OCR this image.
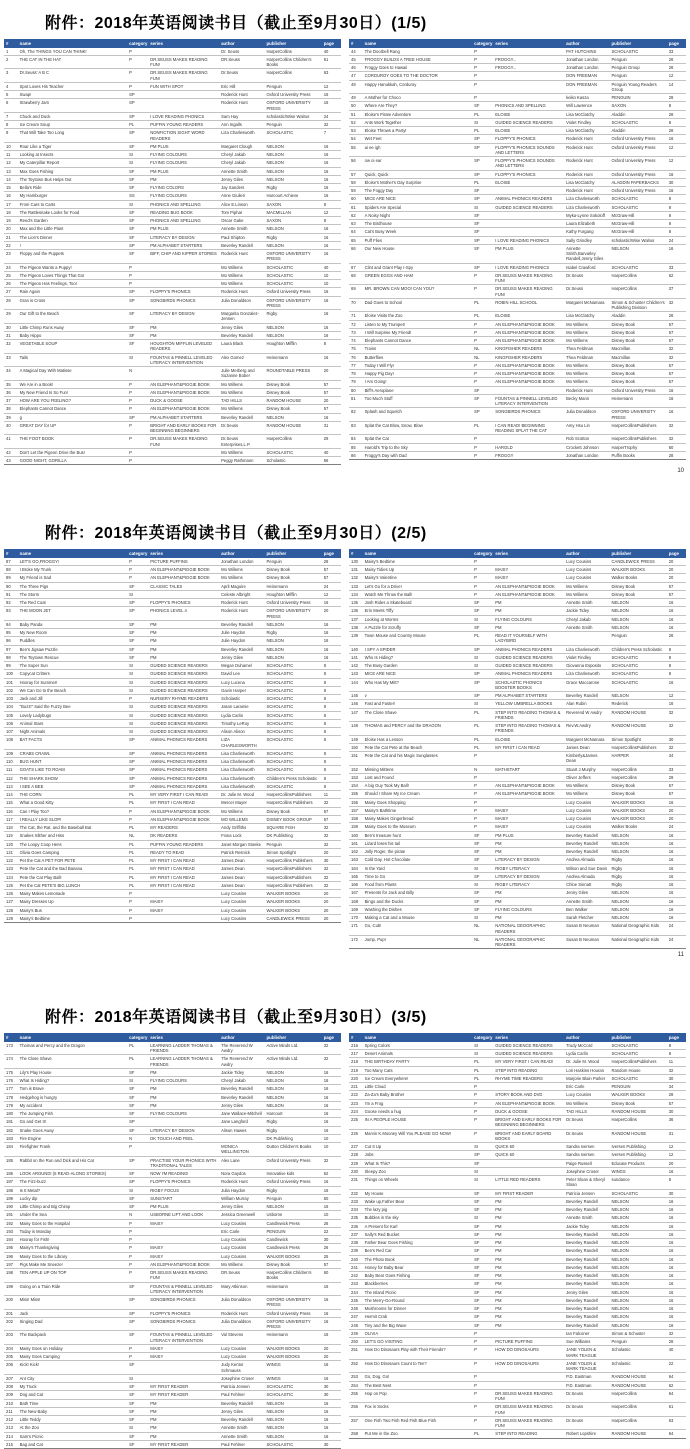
附件：2018年英语阅读书目（截止至9月30日）(1/5)
#	name	category	series	author	publisher	page
1	Oh, The THINGS YOU CAN THINK!	P		Dr. Seuss	HarperCollins	40
2	THE CAT IN THE HAT	P	DR.SEUSS MAKES READING FUN!	DR.Seuss	HarperCollins Children's Books	61
3	Dr.Seuss' A B C	P	DR.SEUSS MAKES READING FUN!	Dr.Seuss	HarperCollins	63
4	Spot Loves His Teacher	P	FUN WITH SPOT	Eric Hill	Penguin	12
5	Swap!	SP		Roderick Hunt	Oxford University Press	16
6	Strawberry Jam	SP		Roderick Hunt	OXFORD UNIVERSITY PRESS	16
7	Chuck and Duck	SP	I LOVE READING PHONICS	Sam Hay	scholastic/Wise Walrus	24
8	Ice Cream Soup	PL	PUFFIN YOUNG READERS	Ann Ingalls	Penguin	32
9	That Will Take Too Long	SP	NONFICTION SIGHT WORD READERS	Liza Charlesworth	SCHOLASTIC	7
10	Roar Like a Tiger	SF	PM PLUS	Margaret Clough	NELSON	16
11	Looking at Insects	SI	FLYING COLOURS	Cheryl Jakab	NELSON	16
12	My Caterpillar Report	SI	FLYING COLOURS	Cheryl Jakab	NELSON	16
13	Max Goes Fishing	SF	PM PLUS	Annette Smith	NELSON	16
14	The Toytown Bus Helps Out	SF	PM	Jenny Giles	NELSON	16
15	Bella's Ride	SF	FLYING COLORS	Jay Sanders	Rigby	16
16	My Hamburger	SS	FLYING COLOURS	Anne Giulieri	Harcourt Achieve	16
17	From Cars to Carts	SI	PHONICS AND SPELLING	Alice E.Linson	SAXON	8
18	The Rattlesnake Looks for Food	SF	READING BUG BOOK	Tom Piphar	MACMILLAN	12
19	Reed's Garden	SF	PHONICS AND SPELLING	Oscar Gake	SAXON	8
20	Max and the Little Plant	SF	PM PLUS	Annette Smith	NELSON	16
21	The Lion's Dinner	SF	LITERACY BY DESIGN	Paul Shipton	Rigby	16
22	!	SP	PM ALPHABET STARTERS	Beverley Randell	NELSON	16
23	Floppy and the Puppets	SF	BIFF, CHIP AND KIPPER STORIES	Roderick Hunt	OXFORD UNIVERSITY PRESS	16
24	The Pigeon Wants a Puppy!	P		Mo Willems	SCHOLASTIC	40
25	The Pigeon Loves Things That Go!	P		Mo Willems	SCHOLASTIC	10
26	The Pigeon Has Feelings, Too!	P		Mo Willems	SCHOLASTIC	10
27	Rain Again	SP	FLOPPY'S PHONICS	Roderick Hunt	Oxford University Press	16
28	Gran is Cross	SP	SONGBIRDS PHONICS	Julia Donaldson	OXFORD UNIVERSITY PRESS	16
29	Our Gift to the Beach	SF	LITERACY BY DESIGN	Margarita Gonzalez-Jensen	Rigby	16
30	Little Chimp Runs Away	SF	PM	Jenny Giles	NELSON	16
31	Baby Hippo	SF	PM	Beverley Randell	NELSON	16
32	VEGETABLE SOUP	SF	HOUGHTON MIFFLIN LEVELED READERS	Laura Black	Houghton Mifflin	8
33	Tails	SI	FOUNTAS & PINNELL LEVELED LITERACY INTERVENTION	Alex Gomez	Heinemann	16
34	A Magical Day With Matisse	N		Julie Merberg and Suzanne Bober	ROUNDTABLE PRESS	20
35	We Are in a Book!	P	AN ELEPHANT&PIGGIE BOOK	Mo Willems	Disney Book	57
36	My New Friend Is So Fun!	P	AN ELEPHANT&PIGGIE BOOK	Mo Willems	Disney Book	57
37	HOW ARE YOU FEELING?	P	DUCK & GOOSE	TAD HILLS	RANDOM HOUSE	20
38	Elephants Cannot Dance	P	AN ELEPHANT&PIGGIE BOOK	Mo Willems	Disney Book	57
39	g	SP	PM ALPHABET STARTERS	Beverley Randell	NELSON	16
40	GREAT DAY for UP	P	BRIGHT AND EARLY BOOKS FOR BEGINNING BEGINNERS	Dr.Seuss	RANDOM HOUSE	31
41	THE FOOT BOOK	P	DR.SEUSS MAKES READING FUN!	Dr.Seuss Enterprises,L.P.	HarperCollins	29
42	Don't Let the Pigeon Drive the Bus!	P		Mo Willems	SCHOLASTIC	40
43	GOOD NIGHT, GORILLA	P		Peggy Rathmann	Scholastic	56
#	name	category	series	author	publisher	page
44	The Doorbell Rang	P		PAT HUTCHINS	SCHOLASTIC	33
45	FROGGY BUILDS A TREE HOUSE	P	FROGGY...	Jonathan London	Penguin	28
46	Froggy Goes to Hawaii	P	FROGGY...	Jonathan London	Penguin Group	28
47	CORDUROY GOES TO THE DOCTOR	P		DON FREEMAN	Penguin	12
48	Happy Hanukkah, Corduroy	P		DON FREEMAN	Penguin Young Readers Group	14
49	A Mother for Choco	P		keiko Kasza	PENGUIN	28
50	Where Are They?	SF	PHONICS AND SPELLING	Will Lawrence	SAXON	8
51	Eloise's Pirate Adventure	PL	ELOISE	Lisa McClatchy	Aladdin	28
52	Ants Work Together	SI	GUIDED SCIENCE READERS	Violet Findley	SCHOLASTIC	8
53	Eloise Throws a Party!	PL	ELOISE	Lisa McClatchy	Aladdin	28
54	Wet Feet	SP	FLOPPY'S PHONICS	Roderick Hunt	Oxford University Press	16
55	ai ee igh	SP	FLOPPY'S PHONICS SOUNDS AND LETTERS	Roderick Hunt	Oxford University Press	12
56	ow oi ear	SP	FLOPPY'S PHONICS SOUNDS AND LETTERS	Roderick Hunt	Oxford University Press	12
57	Quick, Quick	SP	FLOPPY'S PHONICS	Roderick Hunt	Oxford University Press	16
58	Eloise's Mother's Day Surprise	PL	ELOISE	Lisa McClatchy	ALADDIN PAPERBACKS	30
59	The Foggy Day	SF		Roderick Hunt	Oxford University Press	16
60	MICE ARE NICE	SP	ANIMAL PHONICS READERS	Liza Charlesworth	SCHOLASTIC	8
61	Spiders Are Special	SI	GUIDED SCIENCE READERS	Liza Charlesworth	SCHOLASTIC	8
62	A Noisy Night	SF		Myka-Lynne Sokoloff	McGraw-Hill	8
63	The Birdhouse	SF		Laura Elizabeth	McGraw-Hill	8
64	Cat's Busy Week	SF		Kathy Furgang	McGraw-Hill	8
65	Puff Flies	SP	I LOVE READING PHONICS	Sally Grindley	scholastic/Wise Walrus	24
66	Our New House	SF	PM PLUS	Annette Smith,Barvarley Randell,Jenny Giles	NELSON	16
67	Clint and Grant Play I-Spy	SP	I LOVE READING PHONICS	Isabel Crawford	SCHOLASTIC	33
68	GREEN EGGS AND HAM	P	DR.SEUSS MAKES READING FUN!	Dr.Seuss	HarperCollins	62
69	MR. BROWN CAN MOO! CAN YOU?	P	DR.SEUSS MAKES READING FUN!	Dr.Seuss	HarperCollins	37
70	Dad Goes to School	PL	ROBIN HILL SCHOOL	Margaret McNamara	Simon & Schuster Children's Publishing Division	32
71	Eloise Visits the Zoo	PL	ELOISE	Lisa McClatchy	Aladdin	28
72	Listen to My Trumpet!	P	AN ELEPHANT&PIGGIE BOOK	Mo Willems	Disney Book	57
73	I Will Surprise My Friend!	P	AN ELEPHANT&PIGGIE BOOK	Mo Willems	Disney Book	57
74	Elephants Cannot Dance	P	AN ELEPHANT&PIGGIE BOOK	Mo Willems	Disney Book	57
75	Trains	NL	KINGFISHER READERS	Thea Feldman	Macmillan	32
76	Butterflies	NL	KINGFISHER READERS	Thea Feldman	Macmillan	32
77	Today I Will Fly!	P	AN ELEPHANT&PIGGIE BOOK	Mo Willems	Disney Book	57
78	Happy Pig Day!	P	AN ELEPHANT&PIGGIE BOOK	Mo Willems	Disney Book	57
79	I Am Going!	P	AN ELEPHANT&PIGGIE BOOK	Mo Willems	Disney Book	57
80	Biff's Aeroplane	SF		Roderick Hunt	Oxford University Press	16
81	Too Much Stuff	SF	FOUNTAS & PINNELL LEVELED LITERACY INTERVENTION	Becky Mann	Heinemann	16
82	Splash and Squelch	SP	SONGBIRDS PHONICS	Julia Donaldson	OXFORD UNIVERSITY PRESS	16
83	Splat the Cat Blow, Snow, Blow	PL	I CAN READ! BEGINNING READING SPLAT THE CAT	Amy Hsu Lin	HarperCollinsPublishers	32
84	Splat the Cat	P		Rob Scotton	HarperCollinsPublishers	32
85	Harold's Trip to the Sky	P	HAROLD	Crockett Johnson	HarperTrophy	60
86	Froggy's Day with Dad	P	FROGGY	Jonathan London	Puffin Books	28
10
附件：2018年英语阅读书目（截止至9月30日）(2/5)
#	name	category	series	author	publisher	page
87	LET'S GO,FROGGY!	P	PICTURE PUFFINS	Jonathan London	Penguin	28
88	I Broke My Trunk	P	AN ELEPHANT&PIGGIE BOOK	Mo Willems	Disney Book	57
89	My Friend is Sad	P	AN ELEPHANT&PIGGIE BOOK	Mo Willems	Disney Book	57
90	The Three Pigs	SF	CLASSIC TALES	April Maguire	Heinemann	24
91	The Storm	SI		Celeste Albright	Houghton Mifflin	12
92	The Red Coat	SP	FLOPPY'S PHONICS	Roderick Hunt	Oxford University Press	16
93	THE MOON JET	SP	PHONICS LEVEL 4	Roderick Hunt	OXFORD UNIVERSITY PRESS	20
94	Baby Panda	SF	PM	Beverley Randell	NELSON	16
95	My New Room	SF	PM	Julie Haydon	Rigby	16
96	Puddles	SF	PM	Julie Haydon	NELSON	16
97	Ben's Jigsaw Puzzle	SF	PM	Beverley Randell	NELSON	16
98	The Toytown Rescue	SF	PM	Jenny Giles	NELSON	16
99	The Super Sun	SI	GUIDED SCIENCE READERS	Megan Duhamel	SCHOLASTIC	8
100	Copycat Critters	SI	GUIDED SCIENCE READERS	David Lee	SCHOLASTIC	8
101	Hooray for Summer!	SI	GUIDED SCIENCE READERS	Lucy Lucena	SCHOLASTIC	8
102	We Can Go to the Beach	SI	GUIDED SCIENCE READERS	Gavin Harper	SCHOLASTIC	8
103	Jack and Jill	P	NURSERY RHYME READERS	Scholastic	SCHOLASTIC	8
104	"Buzz!" Said the Fuzzy Bee	SI	GUIDED SCIENCE READERS	Jason Laramie	SCHOLASTIC	8
105	Lovely Ladybugs	SI	GUIDED SCIENCE READERS	Lydia Carlin	SCHOLASTIC	8
106	Animal Stars	SI	GUIDED SCIENCE READERS	Timothy LeRoy	SCHOLASTIC	8
107	Night Animals	SI	GUIDED SCIENCE READERS	Alison Alison	SCHOLASTIC	8
108	BAT FACTS	SP	ANIMAL PHONICS READERS	LIZA CHARLESWORTH	SCHOLASTIC	8
109	CRABS CRAWL	SP	ANIMAL PHONICS READERS	Lisa Charlesworth	SCHOLASTIC	8
110	BUG HUNT	SP	ANIMAL PHONICS READERS	Lisa Charlesworth	SCHOLASTIC	8
111	GOATS LIKE TO ROAM	SP	ANIMAL PHONICS READERS	Lisa Charlesworth	SCHOLASTIC	8
112	THE SHARK SHOW	SP	ANIMAL PHONICS READERS	Lisa Charlesworth	Children's Press Scholastic	8
113	I SEE A BEE	SP	ANIMAL PHONICS READERS	Lisa Charlesworth	SCHOLASTIC	8
114	THE CORN	PL	MY VERY FIRST I CAN READ!	Dr. Julie M. Wood	HarperCollinsPublishers	11
115	What a Good Kitty	PL	MY FIRST I CAN READ	Mercer Mayer	HarperCollins Publishers	32
116	Can I Play Too?	P	AN ELEPHANT&PIGGIE BOOK	Mo Willems	Disney Book	57
117	I REALLY LIKE SLOP!	P	AN ELEPHANT&PIGGIE BOOK	MO WILLEMS	DISNEY BOOK GROUP	57
118	The Cat, the Rat, and the Baseball Bat	PL	MY READERS	Andy Griffiths	SQUARE FISH	32
119	Snakes Slither and Hiss	NL	DK READERS	Fiona Lock	DK Publishing	32
120	The Loopy Coop Hens	PL	PUFFIN YOUNG READERS	Janet Morgan Stoeke	Penguin	32
121	Olivia Goes Camping	PL	READY TO READ	Patrick Resnick	Simon Spotlight	20
122	Pet the Cat A PET FOR PETE	PL	MY FIRST I CAN READ	James Dean	HarperCollins Publishers	30
123	Pete the Cat and the Bad Banana	PL	MY FIRST I CAN READ	James Dean	HarperCollinsPublishers	32
124	Pete the Cat Play Ball!	PL	MY FIRST I CAN READ	James Dean	HarperCollinsPublishers	32
125	Pet the Cat PETE'S BIG LUNCH	PL	MY FIRST I CAN READ	James Dean	HarperCollins Publishers	32
126	Maisy Makes Lemonade	P		Lucy Cousins	WALKER BOOKS	20
127	Maisy Dresses Up	P	MAISY	Lucy Cousins	WALKER BOOKS	20
128	Maisy's Bus	P	MAISY	Lucy Cousins	WALKER BOOKS	20
129	Maisy's Bedtime	P		Lucy Cousins	CANDLEWICK PRESS	20
#	name	category	series	author	publisher	page
130	Maisy's Bedtime	P		Lucy Cousins	CANDLEWICK PRESS	20
131	Maisy Tidies Up	P	MAISY	Lucy Cousins	WALKER BOOKS	20
132	Maisy's Valentine	P	MAISY	Lucy Cousins	Walker Books	20
133	Let's Go for a Drive!	P	AN ELEPHANT&PIGGIE BOOK	Mo Willems	Disney Book	57
134	Watch Me Throw the Ball!	P	AN ELEPHANT&PIGGIE BOOK	Mo Willems	Disney Book	57
135	Josh Rides a Skateboard	SF	PM	Annette Smith	NELSON	16
136	Erin Meets Tiffy	SF	PM	Jackie Tidey	NELSON	16
137	Looking at Worms	SI	FLYING COLOURS	Cheryl Jakab	NELSON	16
138	A Puzzle for Scruffy	SF	PM	Annette Smith	NELSON	16
139	Town Mouse and Country Mouse	PL	READ IT YOURSELF WITH LADYBIRD		Penguin	28
140	I SPY A SPIDER	SP	ANIMAL PHONICS READERS	Liza Charlesworth	Children's Press Scholastic	8
141	Who Is Hiding?	SI	GUIDED SCIENCE READERS	Violet Findley	SCHOLASTIC	8
142	The Busy Garden	SI	GUIDED SCIENCE READERS	Giovanna Esposito	SCHOLASTIC	8
143	MICE ARE NICE	SP	ANIMAL PHONICS READERS	Liza Charlesworth	SCHOLASTIC	8
144	Who Has My Mitt?	SP	SCHOLASTIC PHONICS BOOSTER BOOKS	Grace Maccarone	SCHOLASTIC	16
145	v	SP	PM ALPHABET STARTERS	Beverley Randell	NELSON	12
146	Fast and Faster!	SI	YELLOW UMBRELLA BOOKS	Alan Rubin	Rederick	16
147	The Close Shave	PL	STEP INTO READING THOMAS & FRIENDS	Reverend W Awdry	RANDOM HOUSE	32
148	THOMAS and PERCY and the DRAGON	PL	STEP INTO READING THOMAS & FRIENDS	Rev.W.Awdry	RANDOM HOUSE	32
149	Eloise Has a Lesson	PL	ELOISE	Margaret McNamara	Simon Spotlight	30
150	Pete the Cat Pete at the Beach	PL	MY FIRST I CAN READ	James Dean	HarperCollinsPublishers	32
151	Pete the Cat and his Magic Sunglasses	P		Kimberly&James Dean	HARPER	34
152	Missing Mittens	N	MATHSTART	Stuart J.Murphy	HarperCollins	33
153	Lost and Found	P		Oliver Jeffers	HarperCollins	29
154	A big Guy Took My Ball!	P	AN ELEPHANT&PIGGIE BOOK	Mo Willems	Disney Book	57
155	Should I Share My Ice Cream	P	AN ELEPHANT&PIGGIE BOOK	Mo Willems	Disney Book	57
156	Maisy Goes Shopping	P		Lucy Cousins	WALKER BOOKS	16
157	Maisy's Bathtime	P	MAISY	Lucy Cousins	WALKER BOOKS	20
158	Maisy Makes Gingerbread	P	MAISY	Lucy Cousins	WALKER BOOKS	20
159	Maisy Goes to the Museum	P	MAISY	Lucy Cousins	Walker Books	24
160	Ben's treasure hunt	SF	PM PLUS	Beverley Randell	NELSON	16
161	Lizard loses his tail	SF	PM	Beverley Randell	NELSON	16
162	Jolly Roger, the pirate	SF	PM	Beverley Randell	NELSON	16
163	Cold Day, Hot Chocolate	SF	LITERACY BY DESIGN	Andrea Almada	Rigby	16
164	In the Yard	SI	RIGBY LITERACY	Wilson and Sue Davis	Rigby	16
165	Time to Go	SF	LITERACY BY DESIGN	Andrea Almada	Rigby	16
166	Food from Plants	SI	RIGBY LITERACY	Chloe Sinnatt	Rigby	16
167	Presents for Jack and Billy	SF	PM	Jenny Giles	NELSON	16
168	Bingo and the Ducks	SF	PM	Annette Smith	NELSON	16
169	Washing the Dishes	SF	FLYING COLOURS	Ben Walker	NELSON	16
170	Making a Cat and a Mouse	SI	PM	Sarah Fletcher	NELSON	16
171	Go, Cub!	NL	NATIONAL GEOGRAPHIC READERS	Susan B Neuman	National Geographic Kids	24
172	Jump, Pup!	NL	NATIONAL GEOGRAPHIC READERS	Susan B Neuman	National Geographic Kids	24
11
附件：2018年英语阅读书目（截止至9月30日）(3/5)
#	name	category	series	author	publisher	page
173	Thomas and Percy and the Dragon	PL	LEARNING LADDER THOMAS & FRIENDS	The Reverend W Awdry	Active Minds Ltd.	32
174	The Close Shave	PL	LEARNING LADDER THOMAS & FRIENDS	The Reverend W Awdry	Active Minds Ltd.	32
175	Lily's Play House	SF	PM	Jackie Tidey	NELSON	16
176	What Is Hiding?	SI	FLYING COLOURS	Cheryl Jakab	NELSON	16
177	Tom is Brave	SF	PM	Beverley Randell	NELSON	16
178	Hedgehog is hungry	SF	PM	Beverley Randell	NELSON	16
179	My accident	SF	PM	Jenny Giles	NELSON	16
180	The Jumping Fish	SF	FLYING COLOURS	Jane Wallace-Mitchell	Harcourt	16
181	Go and Get It!	SP		Jane Langford	Rigby	16
182	Snake Goes Away	SF	LITERACY BY DESIGN	Alison Hawes	Rigby	16
183	Fire Engine	N	DK TOUCH AND FEEL		DK Publishing	10
184	Firefighter Frank	P		MONICA WELLINGTON	Dutton Children's Books	10
185	Rabbit on the Run and Dick and His Cat	SP	PRACTISE YOUR PHONICS WITH TRADITIONAL TALES	Alex Lane	Oxford University Press	32
186	LOOK AROUND! (5 READ-ALONG STORIES)	SF	NOW I'M READING!	Nora Gaydos	Innovative kids	62
187	The Fizz-buzz	SP	FLOPPY'S PHONICS	Roderick Hunt	Oxford University Press	16
188	Is It Metal?	SI	RIGBY FOCUS	Julia Haydon	Rigby	16
189	Lucky dip	SF	SUNSTART	William Murray	Penguin	50
190	Little Chimp and Big Chimp	SF	PM PLUS	Jenny Giles	NELSON	16
191	Under the Sea	N	USBORNE LIFT AND LOOK	Jessica Greenwell	Usborne	10
192	Maisy Goes to the Hospital	P	MAISY	Lucy Cousins	Candlewick Press	26
193	Today is Monday	P		Eric Carle	PENGUIN	22
194	Hooray for Fish!	P		Lucy Cousins	Candlewick	30
195	Maisy's Thanksgiving	P	MAISY	Lucy Cousins	Candlewick Press	26
196	Maisy Goes to the Library	P	MAISY	Lucy Cousins	WALKER BOOKS	25
197	Pigs Make Me Sneeze!	P	AN ELEPHANT&PIGGIE BOOK	Mo Willems	Disney Book	57
198	TEN APPLE UP ON TOP	P	DR.SEUSS MAKES READING FUN!	DR.Seuss	HarperCollins Children's Books	60
199	Going on a Train Ride	SF	FOUNTAS & PINNELL LEVELED LITERACY INTERVENTION	Mary Atkinson	Heinemann	16
200	Miss! Miss!	SP	SONGBIRDS PHONICS	Julia Donaldson	OXFORD UNIVERSITY PRESS	16
201	Jack	SP	FLOPPY'S PHONICS	Roderick Hunt	Oxford University Press	16
202	Singing Dad	SP	SONGBIRDS PHONICS	Julia Donaldson	OXFORD UNIVERSITY PRESS	16
203	The Backpack	SF	FOUNTAS & PINNELL LEVELED LITERACY INTERVENTION	Val Stevens	Heinemann	16
204	Maisy Goes on Holiday	P	MAISY	Lucy Cousins	WALKER BOOKS	20
205	Maisy Goes Camping	P	MAISY	Lucy Cousins	WALKER BOOKS	20
206	Kick! Kick!	SF		Judy Kentor Schmauss	WINGS	16
207	Ant City	SI		Josephine Croser	WINGS	16
208	My Truck	SF	MY FIRST READER	Patricia Jensen	SCHOLASTIC	30
209	Dog and Cat	SF	MY FIRST READER	Paul Fehlner	SCHOLASTIC	30
210	Bath Time	SF	PM	Beverley Randell	NELSON	16
211	The New Baby	SF	PM	Jenny Giles	NELSON	16
212	Little Teddy	SF	PM	Beverley Randell	NELSON	16
213	At the Zoo	SI	PM	Annette Smith	NELSON	16
214	Sam's Picnic	SF	PM	Annette Smith	NELSON	16
215	Bag and Cat	SF	MY FIRST READER	Paul Fehlner	SCHOLASTIC	30
#	name	category	series	author	publisher	page
216	Spring Colors	SI	GUIDED SCIENCE READERS	Trudy McCord	SCHOLASTIC	8
217	Desert Animals	SI	GUIDED SCIENCE READERS	Lydia Carlin	SCHOLASTIC	8
218	THE BIRTHDAY PARTY	PL	MY VERY FIRST I CAN READ!	Dr. Julie M. Wood	HarperCollinsPublishers	11
219	Too Many Cats	PL	STEP INTO READING	Lori Haskins Houran	Random House	32
220	Ice Cream Everywhere!	PL	RHYME TIME READERS	Marjorie Blain Parker	SCHOLASTIC	30
221	Little Cloud	P		Eric Carle	PENGUIN	34
222	Za-Za's Baby Brother	P	STORY BOOK AND DVD	Lucy Cousins	WALKER BOOKS	28
223	I'm a Frog	P	AN ELEPHANT&PIGGIE BOOK	Mo Willems	Disney Book	57
224	Goose needs a hug	P	DUCK & GOOSE	TAD HILLS	RANDOM HOUSE	30
225	IN A PEOPLE HOUSE	P	BRIGHT AND EARLY BOOKS FOR BEGINNING BEGINNERS	Dr.Seuss	HarperCollins	36
226	Marvin K.Mooney Will You PLEASE GO NOW!	P	BRIGHT AND EARLY BOARD BOOKS	Dr.Seuss	RANDOM HOUSE	31
227	Cut It Up	SI	QUICK 60	Sandra Iversen	Iversen Publishing	12
228	Jobs	SP	QUICK 60	Sandra Iversen	Iversen Publishing	12
229	What Is This?	SF		Paige Russell	Educate Products	20
230	Sleepy Zoo	SI		Josephine Croser	WINGS	16
231	Things on Wheels	SI	LITTLE RED READERS	Peter Sloan & Sheryl Sloan	sundance	8
232	My House	SF	MY FIRST READER	Patricia Jensen	SCHOLASTIC	30
233	Wake up,Father Bear	SF	PM	Beverley Randell	NELSON	16
234	The lazy pig	SF	PM	Beverley Randell	NELSON	16
235	Bubbles in the sky	SI	PM	Annette Smith	NELSON	16
236	A Present for Karl	SF	PM	Jackie Tidey	NELSON	16
237	Sally's Red Bucket	SF	PM	Beverley Randell	NELSON	16
238	Father Bear Goes Fishing	SF	PM	Beverley Randell	NELSON	16
239	Ben's Red Car	SF	PM	Beverley Randell	NELSON	16
240	The Photo Book	SF	PM	Beverley Randell	NELSON	16
241	Honey for Baby Bear	SF	PM	Beverley Randell	NELSON	16
242	Baby Bear Goes Fishing	SF	PM	Beverley Randell	NELSON	16
243	Blackberries	SF	PM	Beverley Randell	NELSON	16
244	The Island Picnic	SF	PM	Jenny Giles	NELSON	16
245	The Merry-Go-Round	SF	PM	Beverley Randell	NELSON	16
246	Mushrooms for Dinner	SF	PM	Beverley Randell	NELSON	16
247	Hermit Crab	SF	PM	Beverley Randell	NELSON	16
248	Tiny and the Big Wave	SF	PM	Beverley Randell	NELSON	16
249	OLIVIA	P		Ian Falconer	Simon & Schuster	32
250	LET'S GO VISITING	P	PICTURE PUFFINS	Sue Williams	Penguin	28
251	How Do Dinosaurs Play with Their Friends?	P	HOW DO DINOSAURS	JANE YOLEN & MARK TEAGUE	Scholastic	40
252	How Do Dinosaurs Count to Ten?	P	HOW DO DINOSAURS	JANE YOLEN & MARK TEAGUE	Scholastic	22
253	Go, Dog. Go!	P		P.D. Eastman	RANDOM HOUSE	64
254	The Best Nest	P		P.D. Eastman	RANDOM HOUSE	62
255	Hop on Pop	P	DR.SEUSS MAKES READING FUN!	Dr.Seuss	HarperCollins	64
256	Fox in Socks	P	DR.SEUSS MAKES READING FUN!	Dr.Seuss	HarperCollins	61
257	One Fish Two Fish Red Fish Blue Fish	P	DR.SEUSS MAKES READING FUN!	Dr.Seuss	HarperCollins	63
258	Put Me in the Zoo	PL	STEP INTO READING	Robert Lopshire	RANDOM HOUSE	64
